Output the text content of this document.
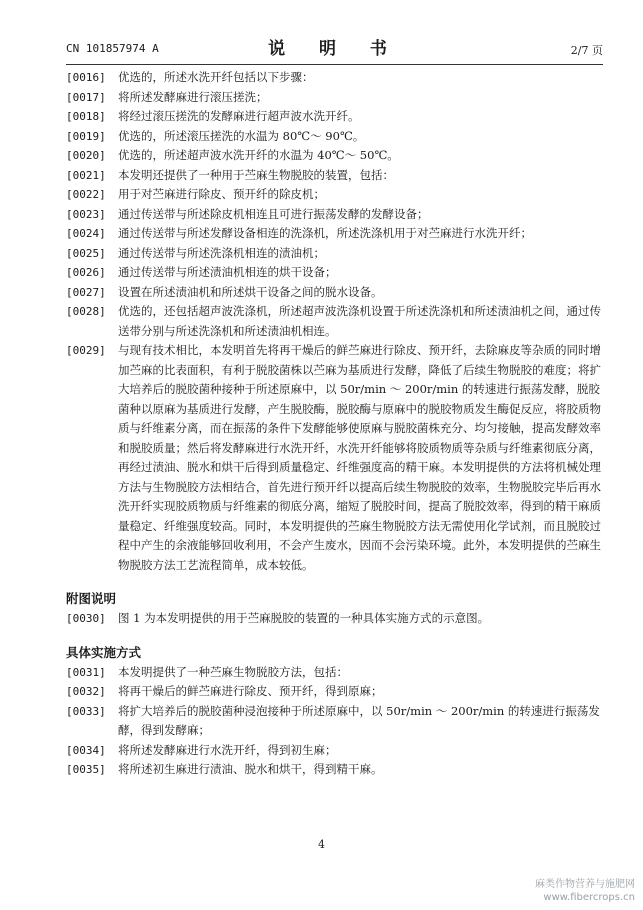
CN 101857974 A	说 明 书	2/7 页
[0016]	优选的，所述水洗开纤包括以下步骤：
[0017]	将所述发酵麻进行滚压搓洗；
[0018]	将经过滚压搓洗的发酵麻进行超声波水洗开纤。
[0019]	优选的，所述滚压搓洗的水温为 80℃～ 90℃。
[0020]	优选的，所述超声波水洗开纤的水温为 40℃～ 50℃。
[0021]	本发明还提供了一种用于苎麻生物脱胶的装置，包括：
[0022]	用于对苎麻进行除皮、预开纤的除皮机；
[0023]	通过传送带与所述除皮机相连且可进行振荡发酵的发酵设备；
[0024]	通过传送带与所述发酵设备相连的洗涤机，所述洗涤机用于对苎麻进行水洗开纤；
[0025]	通过传送带与所述洗涤机相连的渍油机；
[0026]	通过传送带与所述渍油机相连的烘干设备；
[0027]	设置在所述渍油机和所述烘干设备之间的脱水设备。
[0028]	优选的，还包括超声波洗涤机，所述超声波洗涤机设置于所述洗涤机和所述渍油机之间，通过传送带分别与所述洗涤机和所述渍油机相连。
[0029]	与现有技术相比，本发明首先将再干燥后的鲜苎麻进行除皮、预开纤，去除麻皮等杂质的同时增加苎麻的比表面积，有利于脱胶菌株以苎麻为基质进行发酵，降低了后续生物脱胶的难度；将扩大培养后的脱胶菌种接种于所述原麻中，以 50r/min ～ 200r/min 的转速进行振荡发酵，脱胶菌种以原麻为基质进行发酵，产生脱胶酶，脱胶酶与原麻中的脱胶物质发生酶促反应，将胶质物质与纤维素分离，而在振荡的条件下发酵能够使原麻与脱胶菌株充分、均匀接触，提高发酵效率和脱胶质量；然后将发酵麻进行水洗开纤，水洗开纤能够将胶质物质等杂质与纤维素彻底分离，再经过渍油、脱水和烘干后得到质量稳定、纤维强度高的精干麻。本发明提供的方法将机械处理方法与生物脱胶方法相结合，首先进行预开纤以提高后续生物脱胶的效率，生物脱胶完毕后再水洗开纤实现胶质物质与纤维素的彻底分离，缩短了脱胶时间，提高了脱胶效率，得到的精干麻质量稳定、纤维强度较高。同时，本发明提供的苎麻生物脱胶方法无需使用化学试剂，而且脱胶过程中产生的余液能够回收利用，不会产生废水，因而不会污染环境。此外，本发明提供的苎麻生物脱胶方法工艺流程简单，成本较低。
附图说明
[0030]	图 1 为本发明提供的用于苎麻脱胶的装置的一种具体实施方式的示意图。
具体实施方式
[0031]	本发明提供了一种苎麻生物脱胶方法，包括：
[0032]	将再干燥后的鲜苎麻进行除皮、预开纤，得到原麻；
[0033]	将扩大培养后的脱胶菌种浸泡接种于所述原麻中，以 50r/min ～ 200r/min 的转速进行振荡发酵，得到发酵麻；
[0034]	将所述发酵麻进行水洗开纤，得到初生麻；
[0035]	将所述初生麻进行渍油、脱水和烘干，得到精干麻。
4
麻类作物营养与施肥网
www.fibercrops.cn
